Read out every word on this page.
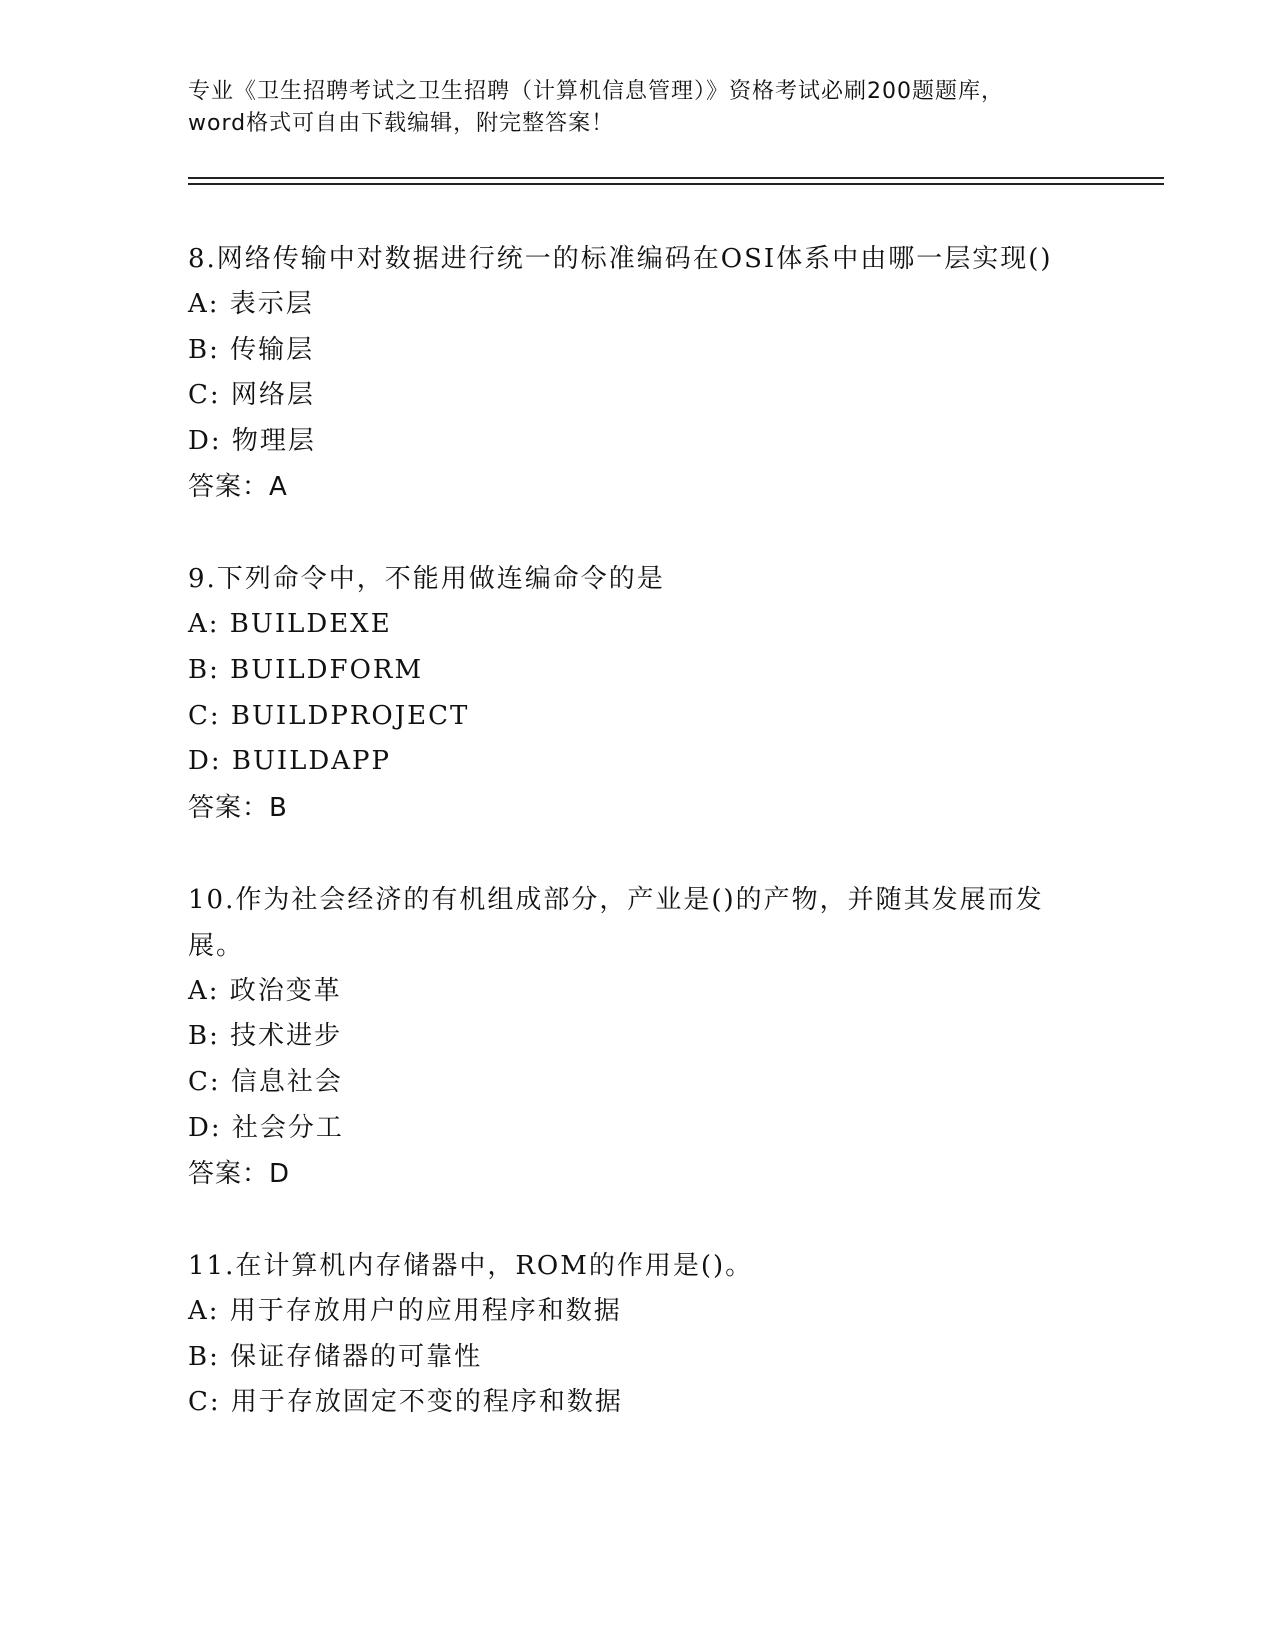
专业《卫生招聘考试之卫生招聘（计算机信息管理）》资格考试必刷200题题库，
word格式可自由下载编辑，附完整答案！

8.网络传输中对数据进行统一的标准编码在OSI体系中由哪一层实现()

A: 表示层

B: 传输层

C: 网络层

D: 物理层

答案：A

9.下列命令中，不能用做连编命令的是

A: BUILDEXE

B: BUILDFORM

C: BUILDPROJECT

D: BUILDAPP

答案：B

10.作为社会经济的有机组成部分，产业是()的产物，并随其发展而发展。

A: 政治变革

B: 技术进步

C: 信息社会

D: 社会分工

答案：D

11.在计算机内存储器中，ROM的作用是()。

A: 用于存放用户的应用程序和数据

B: 保证存储器的可靠性

C: 用于存放固定不变的程序和数据
